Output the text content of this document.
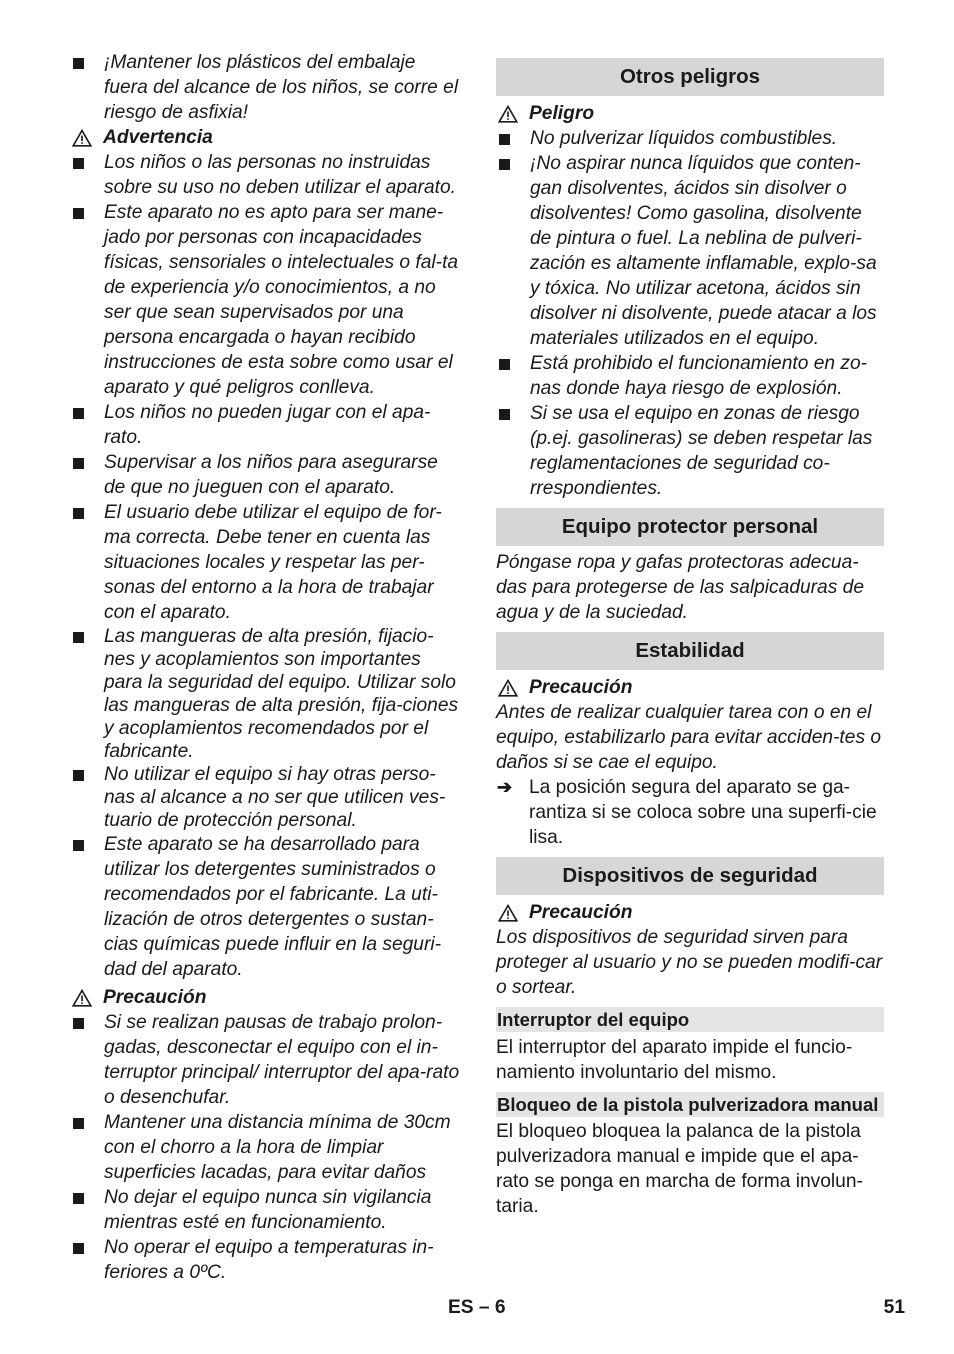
¡Mantener los plásticos del embalaje fuera del alcance de los niños, se corre el riesgo de asfixia!
Advertencia
Los niños o las personas no instruidas sobre su uso no deben utilizar el aparato.
Este aparato no es apto para ser mane-jado por personas con incapacidades físicas, sensoriales o intelectuales o fal-ta de experiencia y/o conocimientos, a no ser que sean supervisados por una persona encargada o hayan recibido instrucciones de esta sobre como usar el aparato y qué peligros conlleva.
Los niños no pueden jugar con el apa-rato.
Supervisar a los niños para asegurarse de que no jueguen con el aparato.
El usuario debe utilizar el equipo de for-ma correcta. Debe tener en cuenta las situaciones locales y respetar las per-sonas del entorno a la hora de trabajar con el aparato.
Las mangueras de alta presión, fijacio-nes y acoplamientos son importantes para la seguridad del equipo. Utilizar solo las mangueras de alta presión, fija-ciones y acoplamientos recomendados por el fabricante.
No utilizar el equipo si hay otras perso-nas al alcance a no ser que utilicen ves-tuario de protección personal.
Este aparato se ha desarrollado para utilizar los detergentes suministrados o recomendados por el fabricante. La uti-lización de otros detergentes o sustan-cias químicas puede influir en la seguri-dad del aparato.
Precaución
Si se realizan pausas de trabajo prolon-gadas, desconectar el equipo con el in-terruptor principal/ interruptor del apa-rato o desenchufar.
Mantener una distancia mínima de 30cm con el chorro a la hora de limpiar superficies lacadas, para evitar daños
No dejar el equipo nunca sin vigilancia mientras esté en funcionamiento.
No operar el equipo a temperaturas in-feriores a 0ºC.
Otros peligros
Peligro
No pulverizar líquidos combustibles.
¡No aspirar nunca líquidos que conten-gan disolventes, ácidos sin disolver o disolventes! Como gasolina, disolvente de pintura o fuel. La neblina de pulveri-zación es altamente inflamable, explo-sa y tóxica. No utilizar acetona, ácidos sin disolver ni disolvente, puede atacar a los materiales utilizados en el equipo.
Está prohibido el funcionamiento en zo-nas donde haya riesgo de explosión.
Si se usa el equipo en zonas de riesgo (p.ej. gasolineras) se deben respetar las reglamentaciones de seguridad co-rrespondientes.
Equipo protector personal
Póngase ropa y gafas protectoras adecua-das para protegerse de las salpicaduras de agua y de la suciedad.
Estabilidad
Precaución
Antes de realizar cualquier tarea con o en el equipo, estabilizarlo para evitar acciden-tes o daños si se cae el equipo.
➔ La posición segura del aparato se ga-rantiza si se coloca sobre una superfi-cie lisa.
Dispositivos de seguridad
Precaución
Los dispositivos de seguridad sirven para proteger al usuario y no se pueden modifi-car o sortear.
Interruptor del equipo
El interruptor del aparato impide el funcio-namiento involuntario del mismo.
Bloqueo de la pistola pulverizadora manual
El bloqueo bloquea la palanca de la pistola pulverizadora manual e impide que el apa-rato se ponga en marcha de forma involun-taria.
ES – 6	51
